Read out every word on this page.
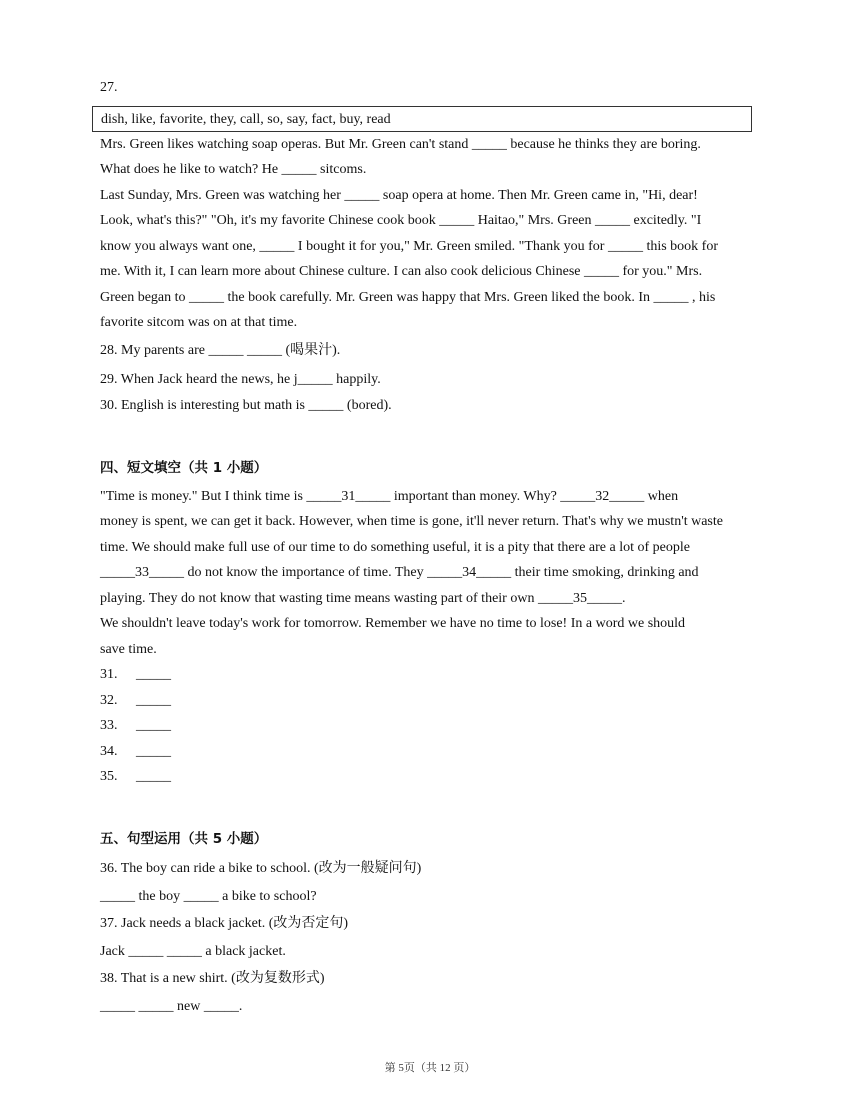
27.
dish, like, favorite, they, call, so, say, fact, buy, read
Mrs. Green likes watching soap operas. But Mr. Green can't stand _____ because he thinks they are boring.
What does he like to watch? He _____ sitcoms.
Last Sunday, Mrs. Green was watching her _____ soap opera at home. Then Mr. Green came in, "Hi, dear!
Look, what's this?" "Oh, it's my favorite Chinese cook book _____ Haitao," Mrs. Green _____ excitedly. "I
know you always want one, _____ I bought it for you," Mr. Green smiled. "Thank you for _____ this book for
me. With it, I can learn more about Chinese culture. I can also cook delicious Chinese _____ for you." Mrs.
Green began to _____ the book carefully. Mr. Green was happy that Mrs. Green liked the book. In _____ , his
favorite sitcom was on at that time.
28. My parents are _____ _____ (喝果汁).
29. When Jack heard the news, he j_____ happily.
30. English is interesting but math is _____ (bored).
四、短文填空（共 1 小题）
"Time is money." But I think time is _____31_____ important than money. Why? _____32_____ when
money is spent, we can get it back. However, when time is gone, it'll never return. That's why we mustn't waste
time. We should make full use of our time to do something useful, it is a pity that there are a lot of people
_____33_____ do not know the importance of time. They _____34_____ their time smoking, drinking and
playing. They do not know that wasting time means wasting part of their own _____35_____.
We shouldn't leave today's work for tomorrow. Remember we have no time to lose! In a word we should
save time.
31. _____
32. _____
33. _____
34. _____
35. _____
五、句型运用（共 5 小题）
36. The boy can ride a bike to school. (改为一般疑问句)
_____ the boy _____ a bike to school?
37. Jack needs a black jacket. (改为否定句)
Jack _____ _____ a black jacket.
38. That is a new shirt. (改为复数形式)
_____ _____ new _____.
第 5页（共 12 页）
